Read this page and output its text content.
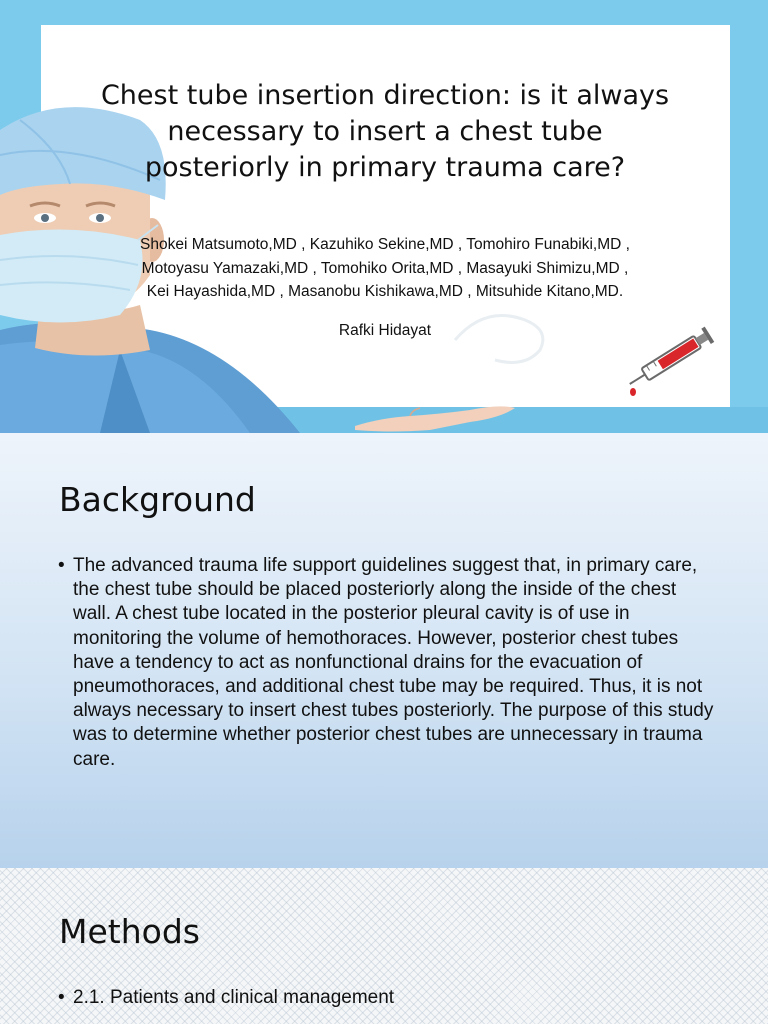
Chest tube insertion direction: is it always necessary to insert a chest tube posteriorly in primary trauma care?
Shokei Matsumoto,MD , Kazuhiko Sekine,MD , Tomohiro Funabiki,MD ,
Motoyasu Yamazaki,MD , Tomohiko Orita,MD , Masayuki Shimizu,MD ,
Kei Hayashida,MD , Masanobu Kishikawa,MD , Mitsuhide Kitano,MD.
Rafki Hidayat
Background
• The advanced trauma life support guidelines suggest that, in primary care, the chest tube should be placed posteriorly along the inside of the chest wall. A chest tube located in the posterior pleural cavity is of use in monitoring the volume of hemothoraces. However, posterior chest tubes have a tendency to act as nonfunctional drains for the evacuation of pneumothoraces, and additional chest tube may be required. Thus, it is not always necessary to insert chest tubes posteriorly. The purpose of this study was to determine whether posterior chest tubes are unnecessary in trauma care.
Methods
• 2.1. Patients and clinical management
